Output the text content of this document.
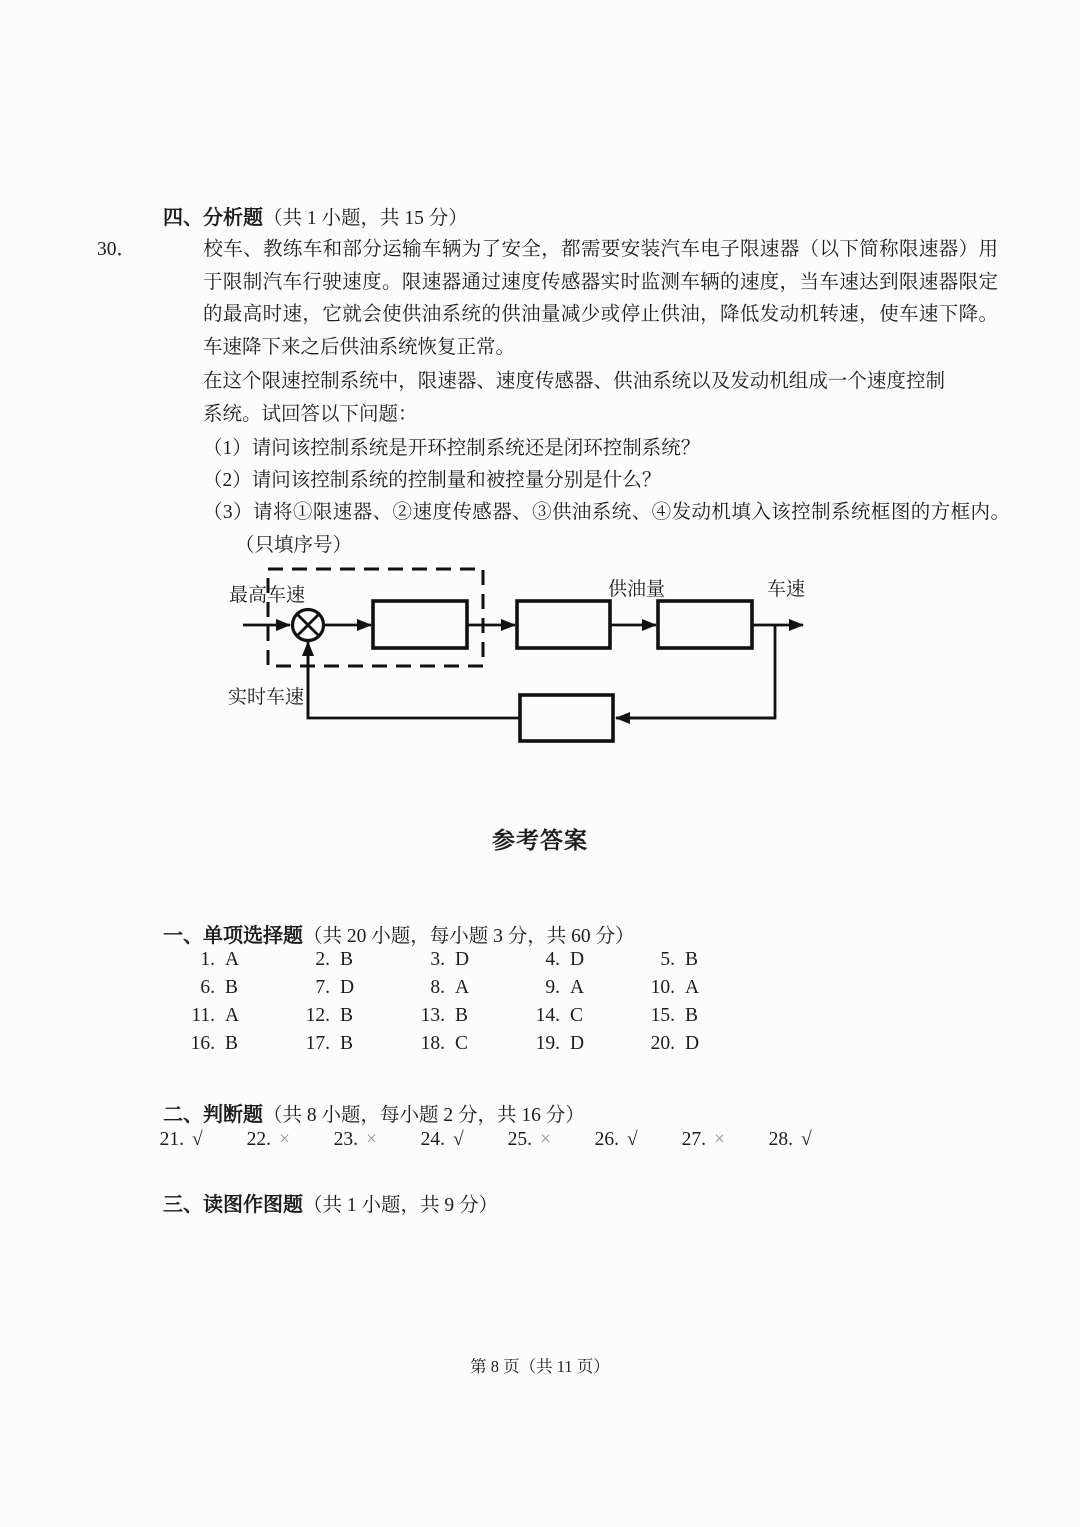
四、分析题（共 1 小题，共 15 分）
30．	校车、教练车和部分运输车辆为了安全，都需要安装汽车电子限速器（以下简称限速器）用于限制汽车行驶速度。限速器通过速度传感器实时监测车辆的速度，当车速达到限速器限定的最高时速，它就会使供油系统的供油量减少或停止供油，降低发动机转速，使车速下降。车速降下来之后供油系统恢复正常。
在这个限速控制系统中，限速器、速度传感器、供油系统以及发动机组成一个速度控制系统。试回答以下问题：
（1）请问该控制系统是开环控制系统还是闭环控制系统？
（2）请问该控制系统的控制量和被控量分别是什么？
（3）请将①限速器、②速度传感器、③供油系统、④发动机填入该控制系统框图的方框内。（只填序号）
最高车速	供油量	车速
实时车速
参考答案
一、单项选择题（共 20 小题，每小题 3 分，共 60 分）
1. A	2. B	3. D	4. D	5. B
6. B	7. D	8. A	9. A	10. A
11. A	12. B	13. B	14. C	15. B
16. B	17. B	18. C	19. D	20. D
二、判断题（共 8 小题，每小题 2 分，共 16 分）
21. √	22. ×	23. ×	24. √	25. ×	26. √	27. ×	28. √
三、读图作图题（共 1 小题，共 9 分）
第 8 页（共 11 页）
